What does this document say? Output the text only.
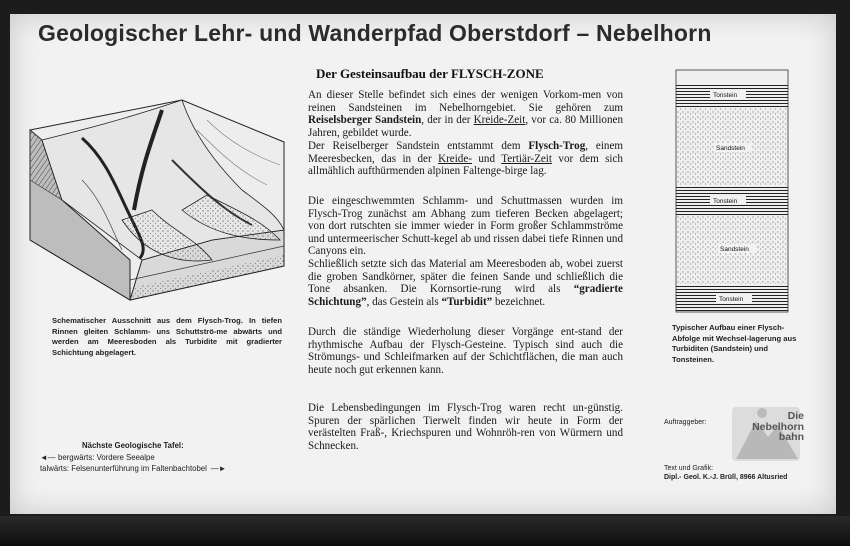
Geologischer Lehr- und Wanderpfad Oberstdorf – Nebelhorn
Schematischer Ausschnitt aus dem Flysch-Trog. In tiefen Rinnen gleiten Schlamm- uns Schuttströ-me abwärts und werden am Meeresboden als Turbidite mit gradierter Schichtung abgelagert.
Der Gesteinsaufbau der FLYSCH-ZONE

An dieser Stelle befindet sich eines der wenigen Vorkom-men von reinen Sandsteinen im Nebelhorngebiet. Sie gehören zum Reiselsberger Sandstein, der in der Kreide-Zeit, vor ca. 80 Millionen Jahren, gebildet wurde.

Der Reiselberger Sandstein entstammt dem Flysch-Trog, einem Meeresbecken, das in der Kreide- und Tertiär-Zeit vor dem sich allmählich aufthürmenden alpinen Faltenge-birge lag.

Die eingeschwemmten Schlamm- und Schuttmassen wurden im Flysch-Trog zunächst am Abhang zum tieferen Becken abgelagert; von dort rutschten sie immer wieder in Form großer Schlammströme und untermeerischer Schutt-kegel ab und rissen dabei tiefe Rinnen und Canyons ein.

Schließlich setzte sich das Material am Meeresboden ab, wobei zuerst die groben Sandkörner, später die feinen Sande und schließlich die Tone absanken. Die Kornsortie-rung wird als “gradierte Schichtung”, das Gestein als “Turbidit” bezeichnet.

Durch die ständige Wiederholung dieser Vorgänge ent-stand der rhythmische Aufbau der Flysch-Gesteine. Typisch sind auch die Strömungs- und Schleifmarken auf der Schichtflächen, die man auch heute noch gut erkennen kann.
Die Lebensbedingungen im Flysch-Trog waren recht un-günstig. Spuren der spärlichen Tierwelt finden wir heute in Form der verästelten Fraß-, Kriechspuren und Wohnröh-ren von Würmern und Schnecken.
Tonstein
Sandstein
Tonstein
Sandstein
Tonstein
Typischer Aufbau einer Flysch-Abfolge mit Wechsel-lagerung aus Turbiditen (Sandstein) und Tonsteinen.
Nächste Geologische Tafel:
◄— bergwärts: Vordere Seealpe
talwärts: Felsenunterführung im Faltenbachtobel —►
Auftraggeber:
Die
Nebelhorn
bahn
Text und Grafik:
Dipl.- Geol. K.-J. Brüll, 8966 Altusried
